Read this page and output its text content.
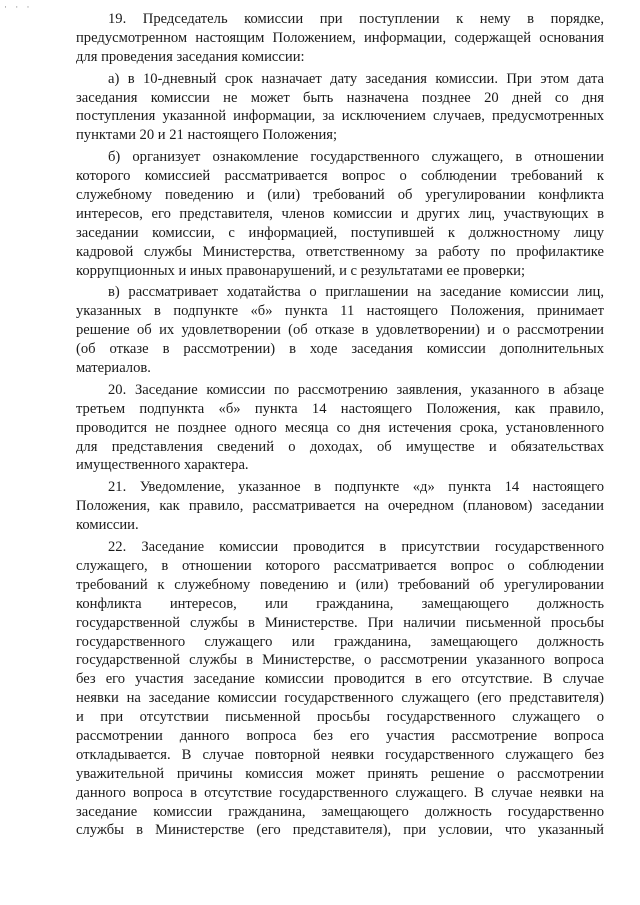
· · ·
19. Председатель комиссии при поступлении к нему в порядке,
предусмотренном настоящим Положением, информации, содержащей основания
для проведения заседания комиссии:
а) в 10-дневный срок назначает дату заседания комиссии. При этом дата
заседания комиссии не может быть назначена позднее 20 дней со дня
поступления указанной информации, за исключением случаев, предусмотренных
пунктами 20 и 21 настоящего Положения;
б) организует ознакомление государственного служащего, в отношении
которого комиссией рассматривается вопрос о соблюдении требований к
служебному поведению и (или) требований об урегулировании конфликта
интересов, его представителя, членов комиссии и других лиц, участвующих в
заседании комиссии, с информацией, поступившей к должностному лицу
кадровой службы Министерства, ответственному за работу по профилактике
коррупционных и иных правонарушений, и с результатами ее проверки;
в) рассматривает ходатайства о приглашении на заседание комиссии лиц,
указанных в подпункте «б» пункта 11 настоящего Положения, принимает
решение об их удовлетворении (об отказе в удовлетворении) и о рассмотрении
(об отказе в рассмотрении) в ходе заседания комиссии дополнительных
материалов.
20. Заседание комиссии по рассмотрению заявления, указанного в абзаце
третьем подпункта «б» пункта 14 настоящего Положения, как правило,
проводится не позднее одного месяца со дня истечения срока, установленного
для представления сведений о доходах, об имуществе и обязательствах
имущественного характера.
21. Уведомление, указанное в подпункте «д» пункта 14 настоящего
Положения, как правило, рассматривается на очередном (плановом) заседании
комиссии.
22. Заседание комиссии проводится в присутствии государственного
служащего, в отношении которого рассматривается вопрос о соблюдении
требований к служебному поведению и (или) требований об урегулировании
конфликта интересов, или гражданина, замещающего должность
государственной службы в Министерстве. При наличии письменной просьбы
государственного служащего или гражданина, замещающего должность
государственной службы в Министерстве, о рассмотрении указанного вопроса
без его участия заседание комиссии проводится в его отсутствие. В случае
неявки на заседание комиссии государственного служащего (его представителя)
и при отсутствии письменной просьбы государственного служащего о
рассмотрении данного вопроса без его участия рассмотрение вопроса
откладывается. В случае повторной неявки государственного служащего без
уважительной причины комиссия может принять решение о рассмотрении
данного вопроса в отсутствие государственного служащего. В случае неявки на
заседание комиссии гражданина, замещающего должность государственно
службы в Министерстве (его представителя), при условии, что указанный
